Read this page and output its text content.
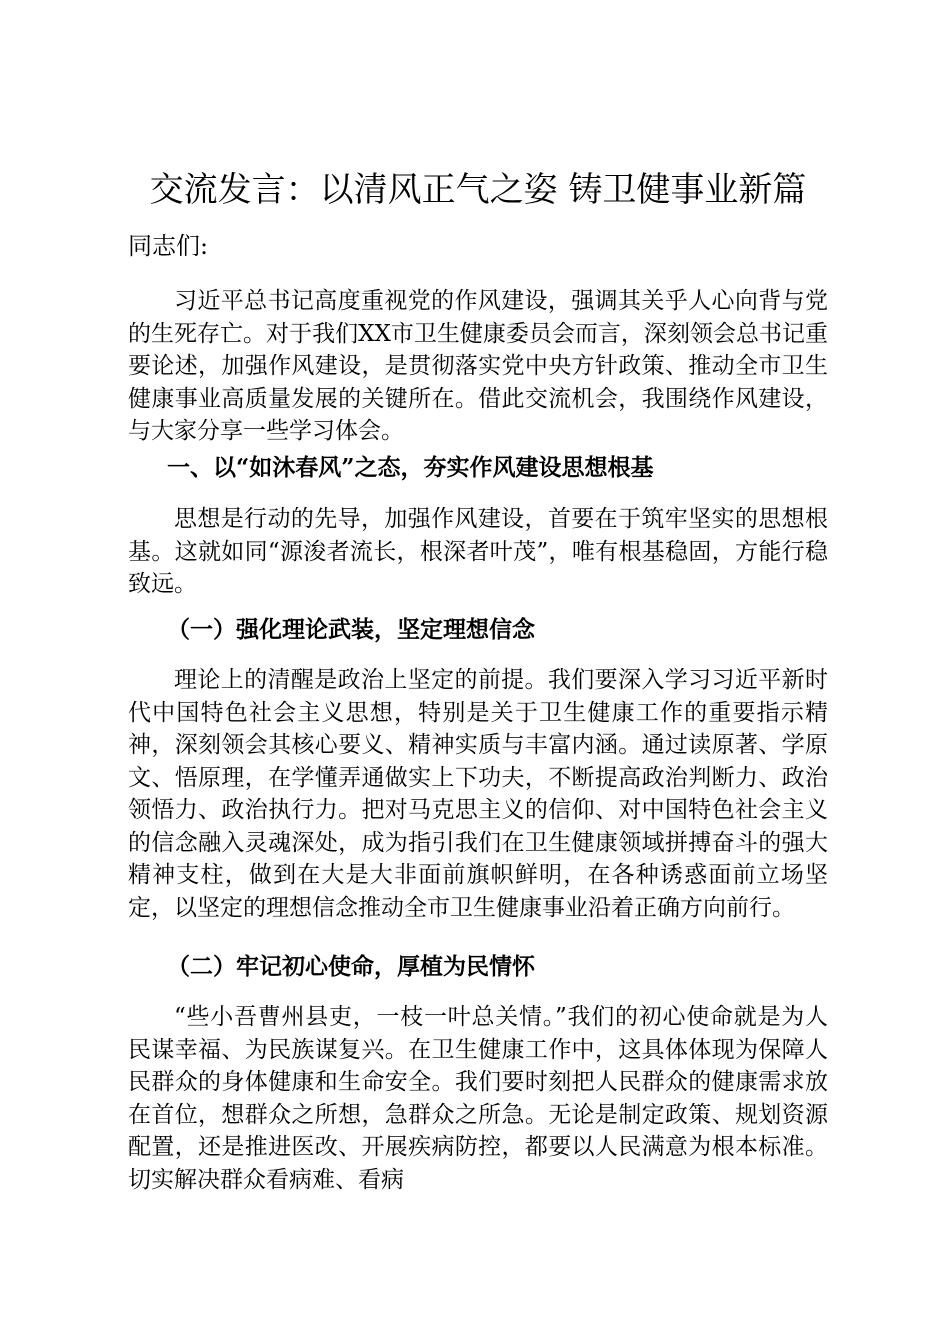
交流发言：以清风正气之姿 铸卫健事业新篇
同志们:

习近平总书记高度重视党的作风建设，强调其关乎人心向背与党的生死存亡。对于我们XX市卫生健康委员会而言，深刻领会总书记重要论述，加强作风建设，是贯彻落实党中央方针政策、推动全市卫生健康事业高质量发展的关键所在。借此交流机会，我围绕作风建设，与大家分享一些学习体会。

一、以“如沐春风”之态，夯实作风建设思想根基

思想是行动的先导，加强作风建设，首要在于筑牢坚实的思想根基。这就如同“源浚者流长，根深者叶茂”，唯有根基稳固，方能行稳致远。

（一）强化理论武装，坚定理想信念

理论上的清醒是政治上坚定的前提。我们要深入学习习近平新时代中国特色社会主义思想，特别是关于卫生健康工作的重要指示精神，深刻领会其核心要义、精神实质与丰富内涵。通过读原著、学原文、悟原理，在学懂弄通做实上下功夫，不断提高政治判断力、政治领悟力、政治执行力。把对马克思主义的信仰、对中国特色社会主义的信念融入灵魂深处，成为指引我们在卫生健康领域拼搏奋斗的强大精神支柱，做到在大是大非面前旗帜鲜明，在各种诱惑面前立场坚定，以坚定的理想信念推动全市卫生健康事业沿着正确方向前行。

（二）牢记初心使命，厚植为民情怀

“些小吾曹州县吏，一枝一叶总关情。”我们的初心使命就是为人民谋幸福、为民族谋复兴。在卫生健康工作中，这具体体现为保障人民群众的身体健康和生命安全。我们要时刻把人民群众的健康需求放在首位，想群众之所想，急群众之所急。无论是制定政策、规划资源配置，还是推进医改、开展疾病防控，都要以人民满意为根本标准。切实解决群众看病难、看病
